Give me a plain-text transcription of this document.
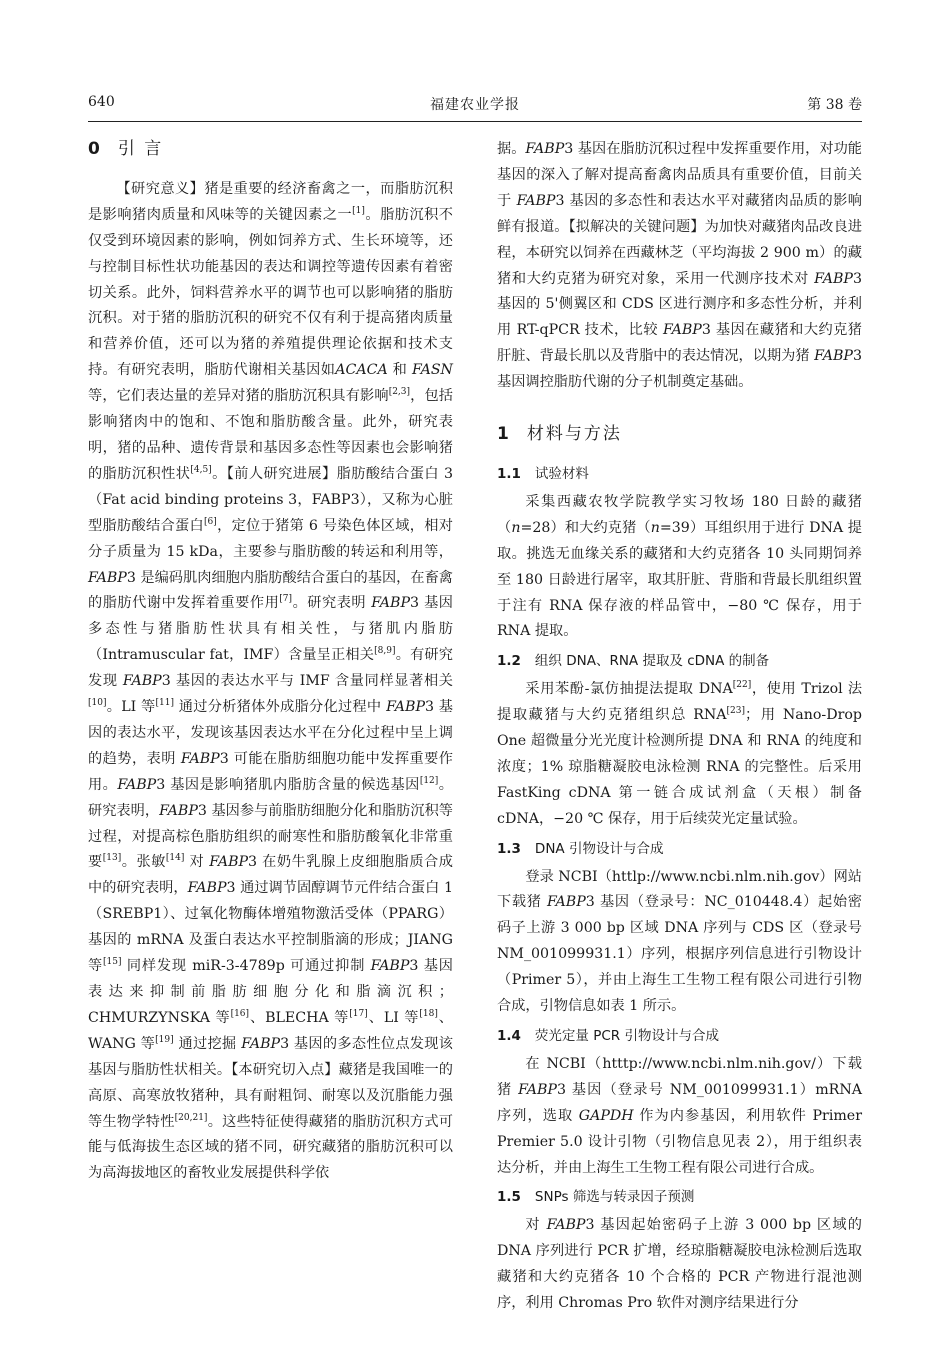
640	福建农业学报	第 38 卷
0 引 言

【研究意义】猪是重要的经济畜禽之一，而脂肪沉积是影响猪肉质量和风味等的关键因素之一[1]。脂肪沉积不仅受到环境因素的影响，例如饲养方式、生长环境等，还与控制目标性状功能基因的表达和调控等遗传因素有着密切关系。此外，饲料营养水平的调节也可以影响猪的脂肪沉积。对于猪的脂肪沉积的研究不仅有利于提高猪肉质量和营养价值，还可以为猪的养殖提供理论依据和技术支持。有研究表明，脂肪代谢相关基因如ACACA 和 FASN 等，它们表达量的差异对猪的脂肪沉积具有影响[2,3]，包括影响猪肉中的饱和、不饱和脂肪酸含量。此外，研究表明，猪的品种、遗传背景和基因多态性等因素也会影响猪的脂肪沉积性状[4,5]。【前人研究进展】脂肪酸结合蛋白 3（Fat acid binding proteins 3，FABP3），又称为心脏型脂肪酸结合蛋白[6]，定位于猪第 6 号染色体区域，相对分子质量为 15 kDa，主要参与脂肪酸的转运和利用等，FABP3 是编码肌肉细胞内脂肪酸结合蛋白的基因，在畜禽的脂肪代谢中发挥着重要作用[7]。研究表明 FABP3 基因多态性与猪脂肪性状具有相关性，与猪肌内脂肪（Intramuscular fat，IMF）含量呈正相关[8,9]。有研究发现 FABP3 基因的表达水平与 IMF 含量同样显著相关[10]。LI 等[11] 通过分析猪体外成脂分化过程中 FABP3 基因的表达水平，发现该基因表达水平在分化过程中呈上调的趋势，表明 FABP3 可能在脂肪细胞功能中发挥重要作用。FABP3 基因是影响猪肌内脂肪含量的候选基因[12]。研究表明，FABP3 基因参与前脂肪细胞分化和脂肪沉积等过程，对提高棕色脂肪组织的耐寒性和脂肪酸氧化非常重要[13]。张敏[14] 对 FABP3 在奶牛乳腺上皮细胞脂质合成中的研究表明，FABP3 通过调节固醇调节元件结合蛋白 1（SREBP1）、过氧化物酶体增殖物激活受体（PPARG）基因的 mRNA 及蛋白表达水平控制脂滴的形成；JIANG 等[15] 同样发现 miR-3-4789p 可通过抑制 FABP3 基因表达来抑制前脂肪细胞分化和脂滴沉积；CHMURZYNSKA 等[16]、BLECHA 等[17]、LI 等[18]、WANG 等[19] 通过挖掘 FABP3 基因的多态性位点发现该基因与脂肪性状相关。【本研究切入点】藏猪是我国唯一的高原、高寒放牧猪种，具有耐粗饲、耐寒以及沉脂能力强等生物学特性[20,21]。这些特征使得藏猪的脂肪沉积方式可能与低海拔生态区域的猪不同，研究藏猪的脂肪沉积可以为高海拔地区的畜牧业发展提供科学依

据。FABP3 基因在脂肪沉积过程中发挥重要作用，对功能基因的深入了解对提高畜禽肉品质具有重要价值，目前关于 FABP3 基因的多态性和表达水平对藏猪肉品质的影响鲜有报道。【拟解决的关键问题】为加快对藏猪肉品改良进程，本研究以饲养在西藏林芝（平均海拔 2 900 m）的藏猪和大约克猪为研究对象，采用一代测序技术对 FABP3 基因的 5'侧翼区和 CDS 区进行测序和多态性分析，并利用 RT-qPCR 技术，比较 FABP3 基因在藏猪和大约克猪肝脏、背最长肌以及背脂中的表达情况，以期为猪 FABP3 基因调控脂肪代谢的分子机制奠定基础。

1 材料与方法
1.1 试验材料

采集西藏农牧学院教学实习牧场 180 日龄的藏猪（n=28）和大约克猪（n=39）耳组织用于进行 DNA 提取。挑选无血缘关系的藏猪和大约克猪各 10 头同期饲养至 180 日龄进行屠宰，取其肝脏、背脂和背最长肌组织置于注有 RNA 保存液的样品管中，−80 ℃ 保存，用于 RNA 提取。

1.2 组织 DNA、RNA 提取及 cDNA 的制备

采用苯酚-氯仿抽提法提取 DNA[22]，使用 Trizol 法提取藏猪与大约克猪组织总 RNA[23]；用 Nano-Drop One 超微量分光光度计检测所提 DNA 和 RNA 的纯度和浓度；1% 琼脂糖凝胶电泳检测 RNA 的完整性。后采用 FastKing cDNA 第一链合成试剂盒（天根）制备 cDNA，−20 ℃ 保存，用于后续荧光定量试验。

1.3 DNA 引物设计与合成

登录 NCBI（httlp://www.ncbi.nlm.nih.gov）网站下载猪 FABP3 基因（登录号：NC_010448.4）起始密码子上游 3 000 bp 区域 DNA 序列与 CDS 区（登录号 NM_001099931.1）序列，根据序列信息进行引物设计（Primer 5），并由上海生工生物工程有限公司进行引物合成，引物信息如表 1 所示。

1.4 荧光定量 PCR 引物设计与合成

在 NCBI（htttp://www.ncbi.nlm.nih.gov/）下载猪 FABP3 基因（登录号 NM_001099931.1）mRNA 序列，选取 GAPDH 作为内参基因，利用软件 Primer Premier 5.0 设计引物（引物信息见表 2），用于组织表达分析，并由上海生工生物工程有限公司进行合成。

1.5 SNPs 筛选与转录因子预测

对 FABP3 基因起始密码子上游 3 000 bp 区域的 DNA 序列进行 PCR 扩增，经琼脂糖凝胶电泳检测后选取藏猪和大约克猪各 10 个合格的 PCR 产物进行混池测序，利用 Chromas Pro 软件对测序结果进行分
